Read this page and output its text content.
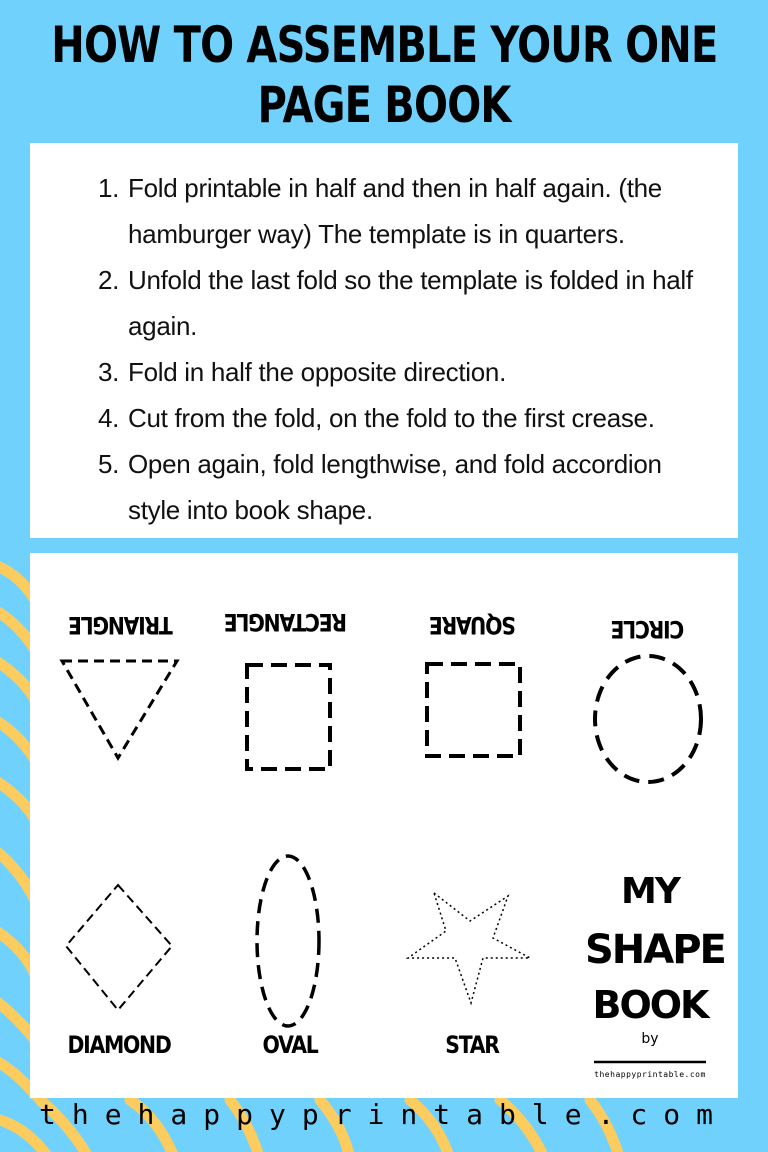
HOW TO ASSEMBLE YOUR ONE
PAGE BOOK
1. Fold printable in half and then in half again. (the hamburger way) The template is in quarters.
2. Unfold the last fold so the template is folded in half again.
3. Fold in half the opposite direction.
4. Cut from the fold, on the fold to the first crease.
5. Open again, fold lengthwise, and fold accordion style into book shape.
TRIANGLE	RECTANGLE	SQUARE	CIRCLE
DIAMOND	OVAL	STAR
MY
SHAPE
BOOK
by
thehappyprintable.com
thehappyprintable.com
